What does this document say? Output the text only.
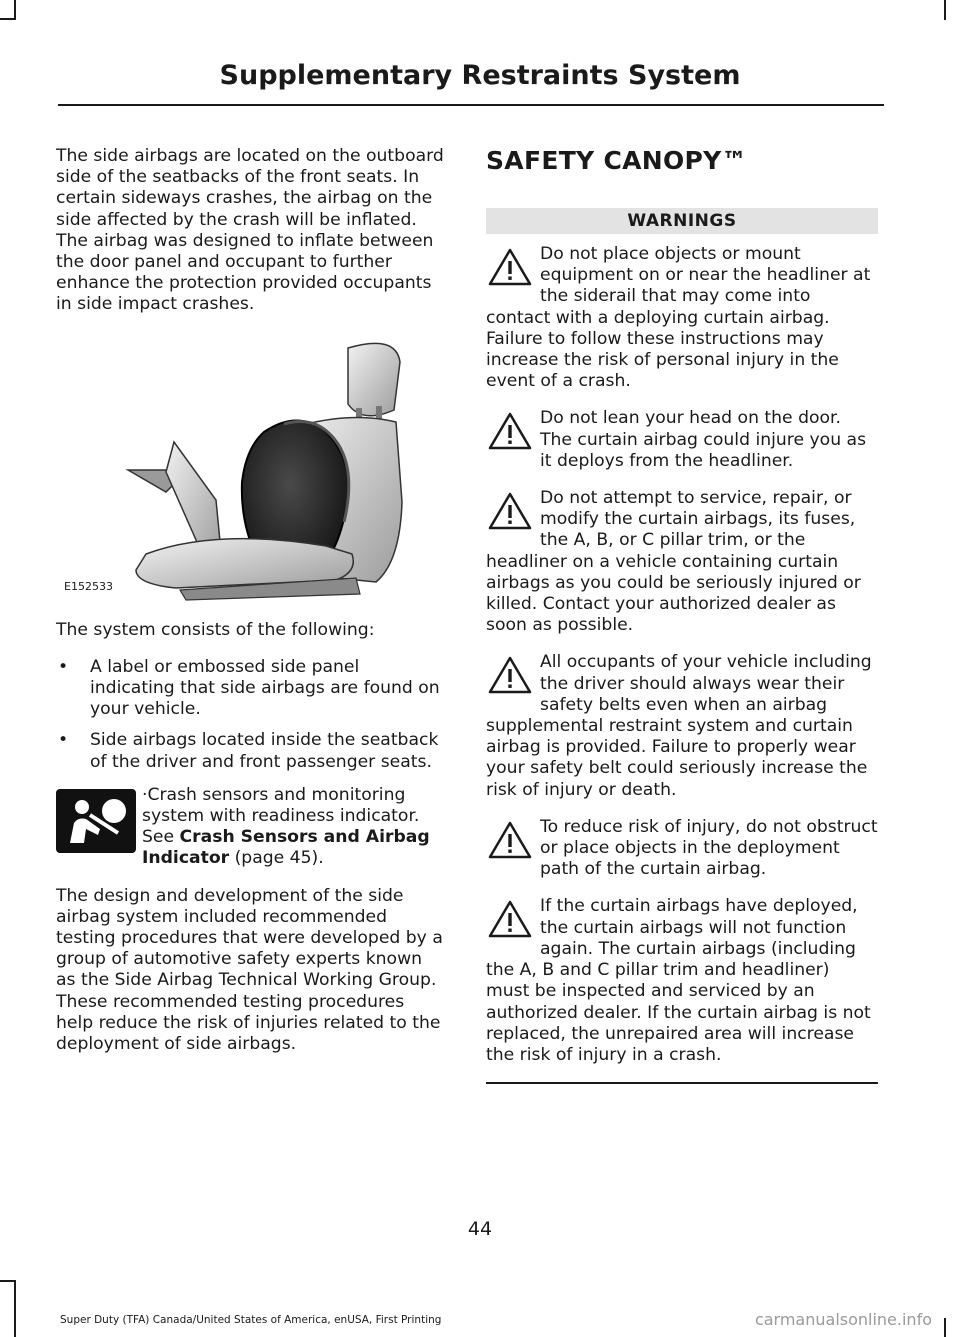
Supplementary Restraints System

The side airbags are located on the outboard side of the seatbacks of the front seats. In certain sideways crashes, the airbag on the side affected by the crash will be inflated. The airbag was designed to inflate between the door panel and occupant to further enhance the protection provided occupants in side impact crashes.

E152533

The system consists of the following:

• A label or embossed side panel indicating that side airbags are found on your vehicle.
• Side airbags located inside the seatback of the driver and front passenger seats.
·Crash sensors and monitoring system with readiness indicator. See Crash Sensors and Airbag Indicator (page 45).

The design and development of the side airbag system included recommended testing procedures that were developed by a group of automotive safety experts known as the Side Airbag Technical Working Group. These recommended testing procedures help reduce the risk of injuries related to the deployment of side airbags.

SAFETY CANOPY™
WARNINGS
Do not place objects or mount equipment on or near the headliner at the siderail that may come into contact with a deploying curtain airbag. Failure to follow these instructions may increase the risk of personal injury in the event of a crash.
Do not lean your head on the door. The curtain airbag could injure you as it deploys from the headliner.
Do not attempt to service, repair, or modify the curtain airbags, its fuses, the A, B, or C pillar trim, or the headliner on a vehicle containing curtain airbags as you could be seriously injured or killed. Contact your authorized dealer as soon as possible.
All occupants of your vehicle including the driver should always wear their safety belts even when an airbag supplemental restraint system and curtain airbag is provided. Failure to properly wear your safety belt could seriously increase the risk of injury or death.
To reduce risk of injury, do not obstruct or place objects in the deployment path of the curtain airbag.
If the curtain airbags have deployed, the curtain airbags will not function again. The curtain airbags (including the A, B and C pillar trim and headliner) must be inspected and serviced by an authorized dealer. If the curtain airbag is not replaced, the unrepaired area will increase the risk of injury in a crash.
44
Super Duty (TFA) Canada/United States of America, enUSA, First Printing	carmanualsonline.info
